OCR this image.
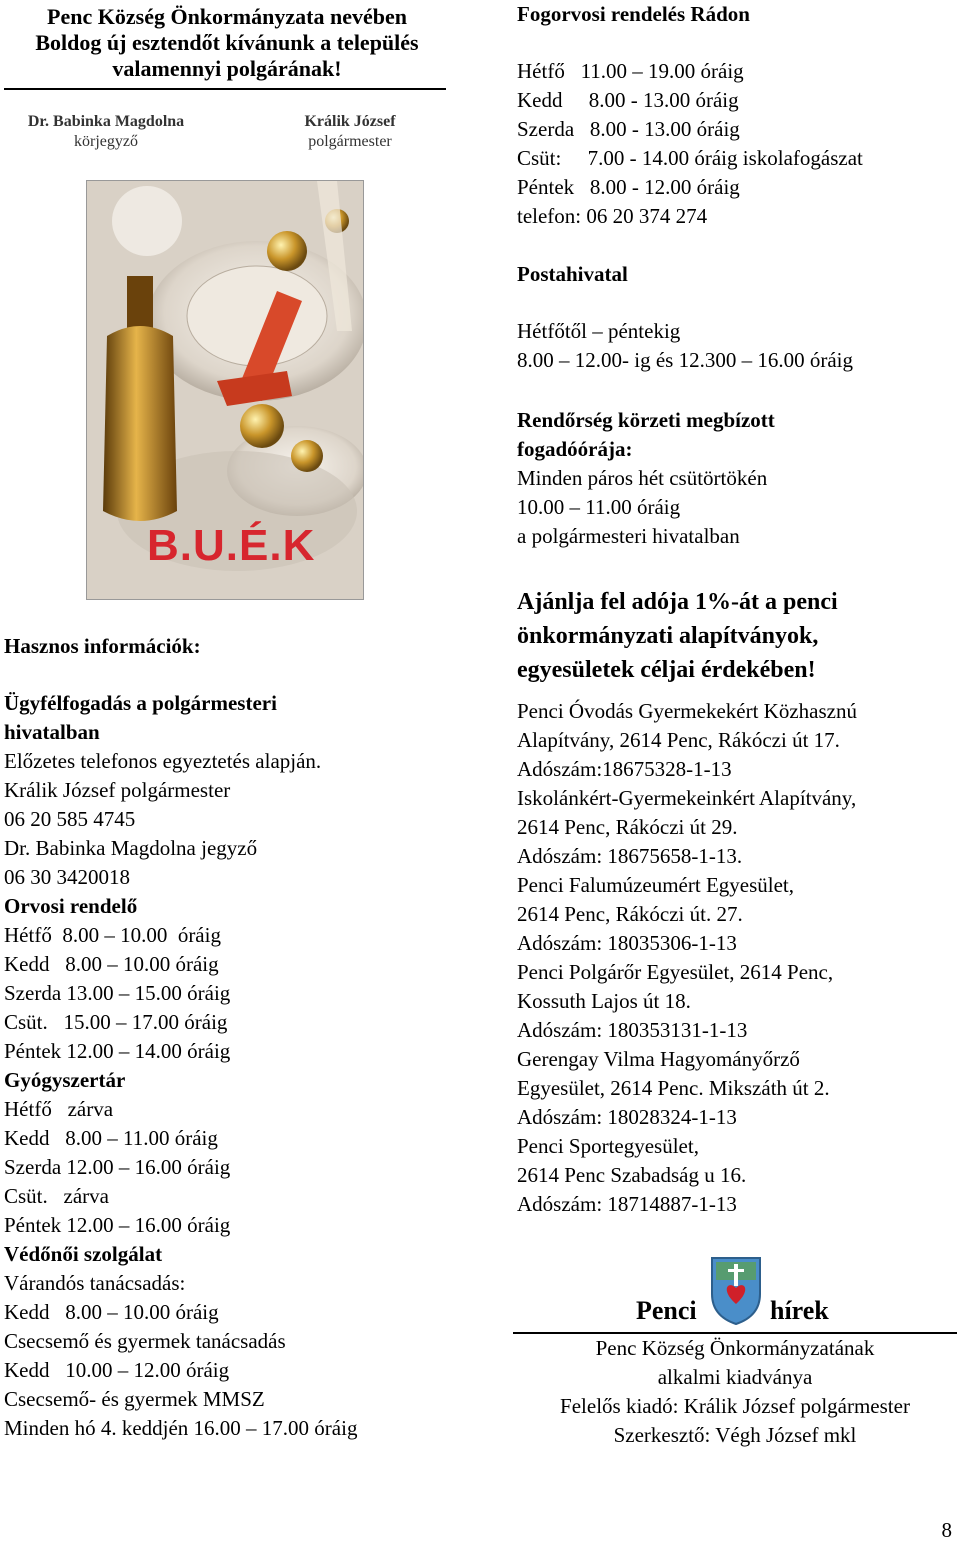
Penc Község Önkormányzata nevében
Boldog új esztendőt kívánunk a település
valamennyi polgárának!
Dr. Babinka Magdolna
körjegyző
Králik József
polgármester
B.U.É.K
Hasznos információk:
Ügyfélfogadás a polgármesteri
hivatalban
Előzetes telefonos egyeztetés alapján.
Králik József polgármester
06 20 585 4745
Dr. Babinka Magdolna jegyző
06 30 3420018
Orvosi rendelő
Hétfő  8.00 – 10.00  óráig
Kedd   8.00 – 10.00 óráig
Szerda 13.00 – 15.00 óráig
Csüt.   15.00 – 17.00 óráig
Péntek 12.00 – 14.00 óráig
Gyógyszertár
Hétfő   zárva
Kedd   8.00 – 11.00 óráig
Szerda 12.00 – 16.00 óráig
Csüt.   zárva
Péntek 12.00 – 16.00 óráig
Védőnői szolgálat
Várandós tanácsadás:
Kedd   8.00 – 10.00 óráig
Csecsemő és gyermek tanácsadás
Kedd   10.00 – 12.00 óráig
Csecsemő- és gyermek MMSZ
Minden hó 4. keddjén 16.00 – 17.00 óráig
Fogorvosi rendelés Rádon
Hétfő   11.00 – 19.00 óráig
Kedd     8.00 - 13.00 óráig
Szerda   8.00 - 13.00 óráig
Csüt:     7.00 - 14.00 óráig iskolafogászat
Péntek   8.00 - 12.00 óráig
telefon: 06 20 374 274
Postahivatal
Hétfőtől – péntekig
8.00 – 12.00- ig és 12.300 – 16.00 óráig
Rendőrség körzeti megbízott
fogadóórája:
Minden páros hét csütörtökén
10.00 – 11.00 óráig
a polgármesteri hivatalban
Ajánlja fel adója 1%-át a penci
önkormányzati alapítványok,
egyesületek céljai érdekében!
Penci Óvodás Gyermekekért Közhasznú
Alapítvány, 2614 Penc, Rákóczi út 17.
Adószám:18675328-1-13
Iskolánkért-Gyermekeinkért Alapítvány,
2614 Penc, Rákóczi út 29.
Adószám: 18675658-1-13.
Penci Falumúzeumért Egyesület,
2614 Penc, Rákóczi út. 27.
Adószám: 18035306-1-13
Penci Polgárőr Egyesület, 2614 Penc,
Kossuth Lajos út 18.
Adószám: 180353131-1-13
Gerengay Vilma Hagyományőrző
Egyesület, 2614 Penc. Mikszáth út 2.
Adószám: 18028324-1-13
Penci Sportegyesület,
2614 Penc Szabadság u 16.
Adószám: 18714887-1-13
Penci	hírek
Penc Község Önkormányzatának
alkalmi kiadványa
Felelős kiadó: Králik József polgármester
Szerkesztő: Végh József mkl
8
